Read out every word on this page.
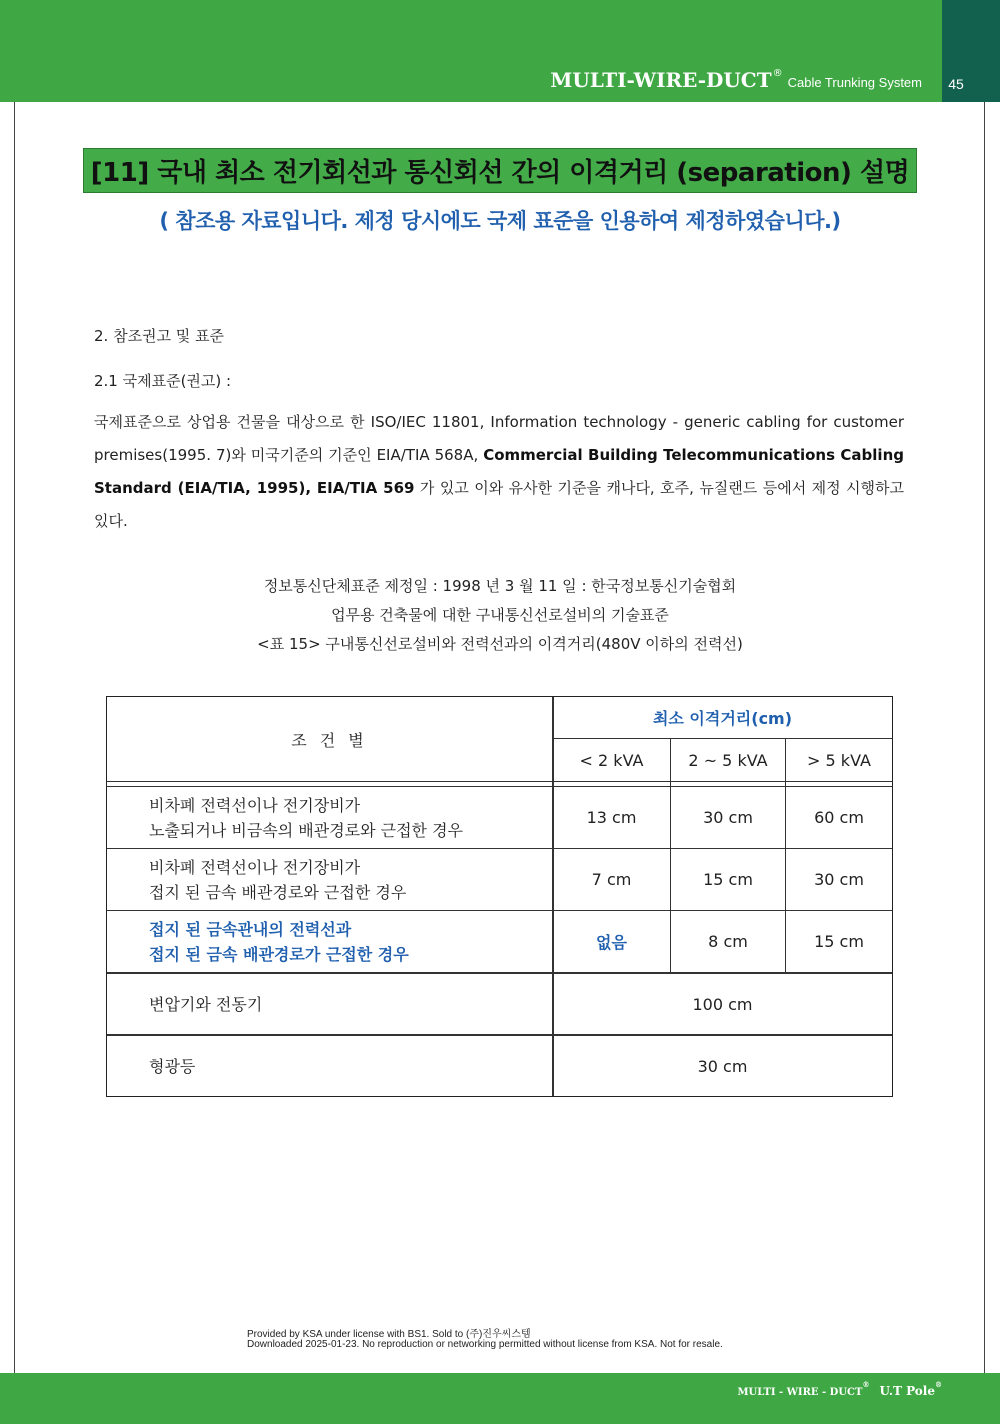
MULTI-WIRE-DUCT®Cable Trunking System	45
[11] 국내 최소 전기회선과 통신회선 간의 이격거리 (separation) 설명
( 참조용 자료입니다. 제정 당시에도 국제 표준을 인용하여 제정하였습니다.)
2. 참조권고 및 표준
2.1 국제표준(권고) :
국제표준으로 상업용 건물을 대상으로 한 ISO/IEC 11801, Information technology - generic cabling for customer premises(1995. 7)와 미국기준의 기준인 EIA/TIA 568A, Commercial Building Telecommunications Cabling Standard (EIA/TIA, 1995), EIA/TIA 569 가 있고 이와 유사한 기준을 캐나다, 호주, 뉴질랜드 등에서 제정 시행하고 있다.
정보통신단체표준 제정일 : 1998 년 3 월 11 일 : 한국정보통신기술협회
업무용 건축물에 대한 구내통신선로설비의 기술표준
<표 15> 구내통신선로설비와 전력선과의 이격거리(480V 이하의 전력선)
조 건 별
최소 이격거리(cm)
< 2 kVA	2 ~ 5 kVA	> 5 kVA
비차폐 전력선이나 전기장비가
노출되거나 비금속의 배관경로와 근접한 경우
13 cm	30 cm	60 cm
비차폐 전력선이나 전기장비가
접지 된 금속 배관경로와 근접한 경우
7 cm	15 cm	30 cm
접지 된 금속관내의 전력선과
접지 된 금속 배관경로가 근접한 경우
없음	8 cm	15 cm
변압기와 전동기	100 cm
형광등	30 cm
Provided by KSA under license with BS1. Sold to (주)진우씨스템
Downloaded 2025-01-23. No reproduction or networking permitted without license from KSA. Not for resale.
MULTI - WIRE - DUCT® U.T Pole®
